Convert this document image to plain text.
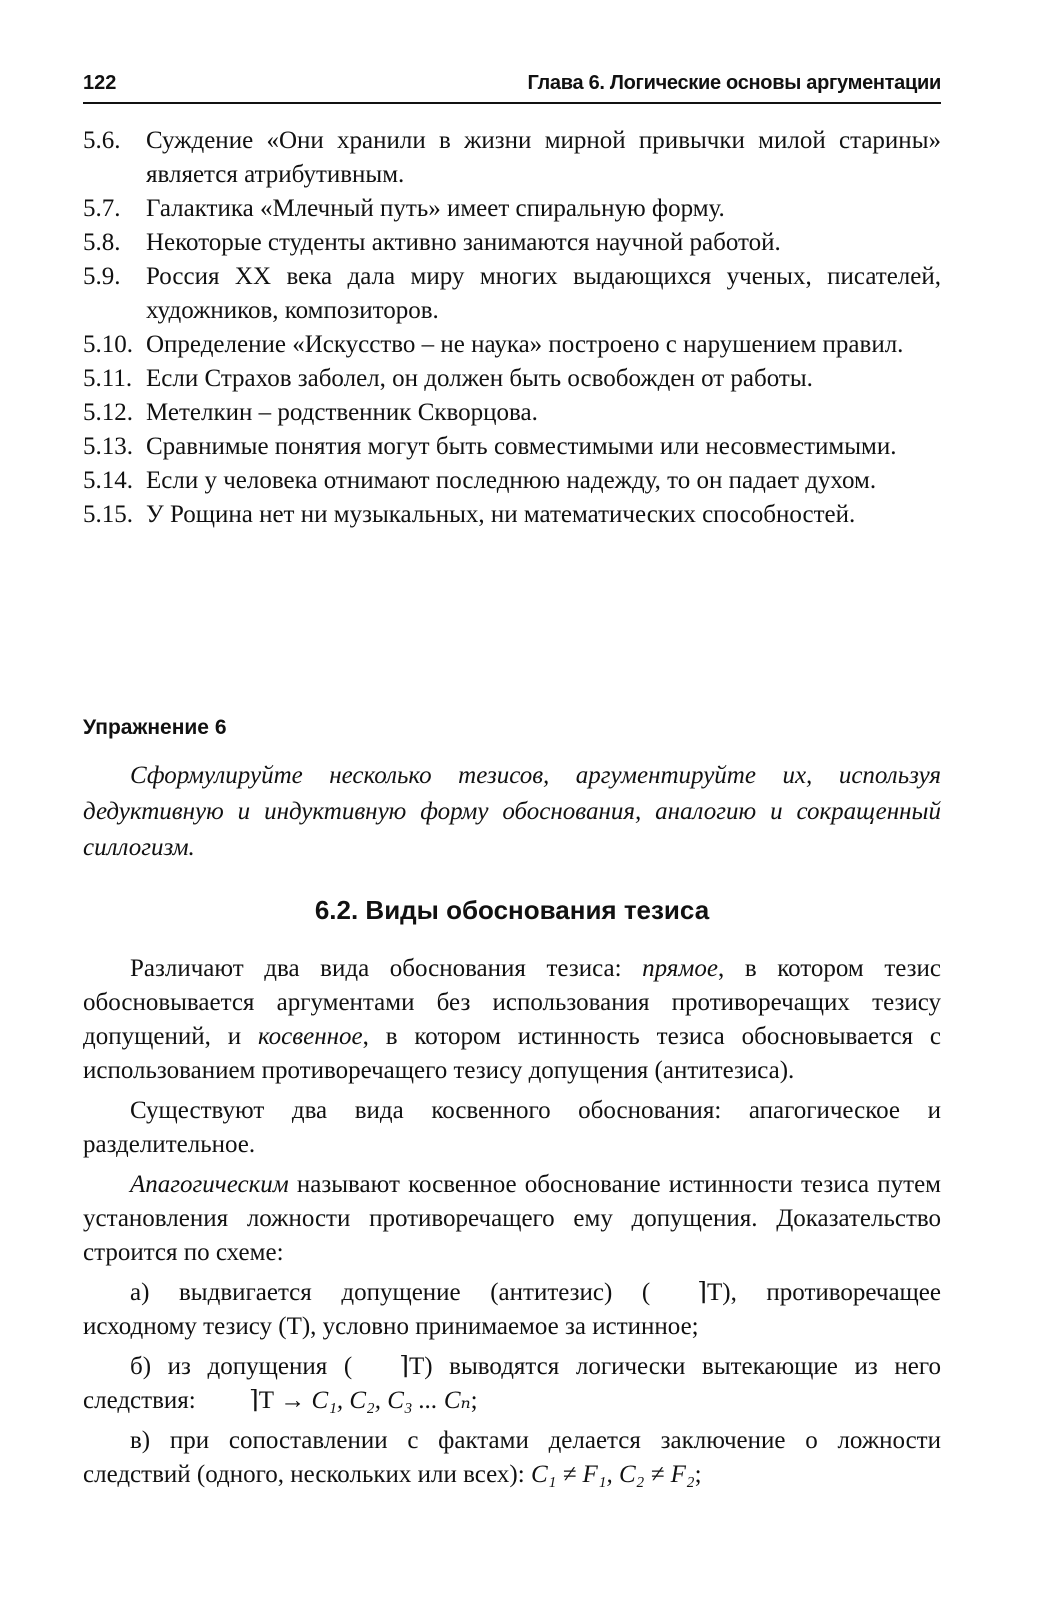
122	Глава 6. Логические основы аргументации
5.6. Суждение «Они хранили в жизни мирной привычки милой старины» является атрибутивным.
5.7. Галактика «Млечный путь» имеет спиральную форму.
5.8. Некоторые студенты активно занимаются научной работой.
5.9. Россия XX века дала миру многих выдающихся ученых, писателей, художников, композиторов.
5.10. Определение «Искусство – не наука» построено с нарушением правил.
5.11. Если Страхов заболел, он должен быть освобожден от работы.
5.12. Метелкин – родственник Скворцова.
5.13. Сравнимые понятия могут быть совместимыми или несовместимыми.
5.14. Если у человека отнимают последнюю надежду, то он падает духом.
5.15. У Рощина нет ни музыкальных, ни математических способностей.
Упражнение 6
Сформулируйте несколько тезисов, аргументируйте их, используя дедуктивную и индуктивную форму обоснования, аналогию и сокращенный силлогизм.
6.2. Виды обоснования тезиса

Различают два вида обоснования тезиса: прямое, в котором тезис обосновывается аргументами без использования противоречащих тезису допущений, и косвенное, в котором истинность тезиса обосновывается с использованием противоречащего тезису допущения (антитезиса).

Существуют два вида косвенного обоснования: апагогическое и разделительное.

Апагогическим называют косвенное обоснование истинности тезиса путем установления ложности противоречащего ему допущения. Доказательство строится по схеме:

а) выдвигается допущение (антитезис) ( ⌉Т), противоречащее исходному тезису (Т), условно принимаемое за истинное;

б) из допущения ( ⌉Т) выводятся логически вытекающие из него следствия: ⌉Т → C₁, C₂, C₃ ... Cₙ;

в) при сопоставлении с фактами делается заключение о ложности следствий (одного, нескольких или всех): C₁ ≠ F₁, C₂ ≠ F₂;
